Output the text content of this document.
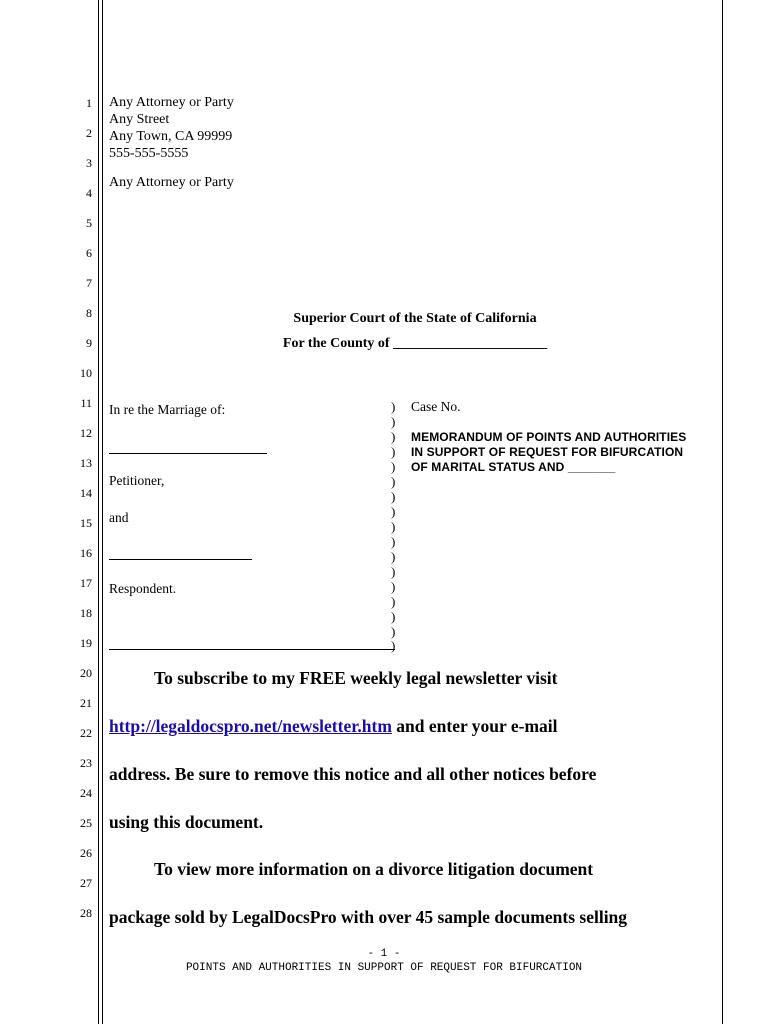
1
2
3
4
5
6
7
8
9
10
11
12
13
14
15
16
17
18
19
20
21
22
23
24
25
26
27
28
Any Attorney or Party
Any Street
Any Town, CA 99999
555-555-5555
Any Attorney or Party
Superior Court of the State of California
For the County of ______________________
In re the Marriage of:
Petitioner,
and
Respondent.
)
)
)
)
)
)
)
)
)
)
)
)
)
)
)
)
)
Case No.
MEMORANDUM OF POINTS AND AUTHORITIES
IN SUPPORT OF REQUEST FOR BIFURCATION
OF MARITAL STATUS AND _______
To subscribe to my FREE weekly legal newsletter visit
http://legaldocspro.net/newsletter.htm and enter your e-mail
address. Be sure to remove this notice and all other notices before
using this document.
To view more information on a divorce litigation document
package sold by LegalDocsPro with over 45 sample documents selling
- 1 -
POINTS AND AUTHORITIES IN SUPPORT OF REQUEST FOR BIFURCATION
